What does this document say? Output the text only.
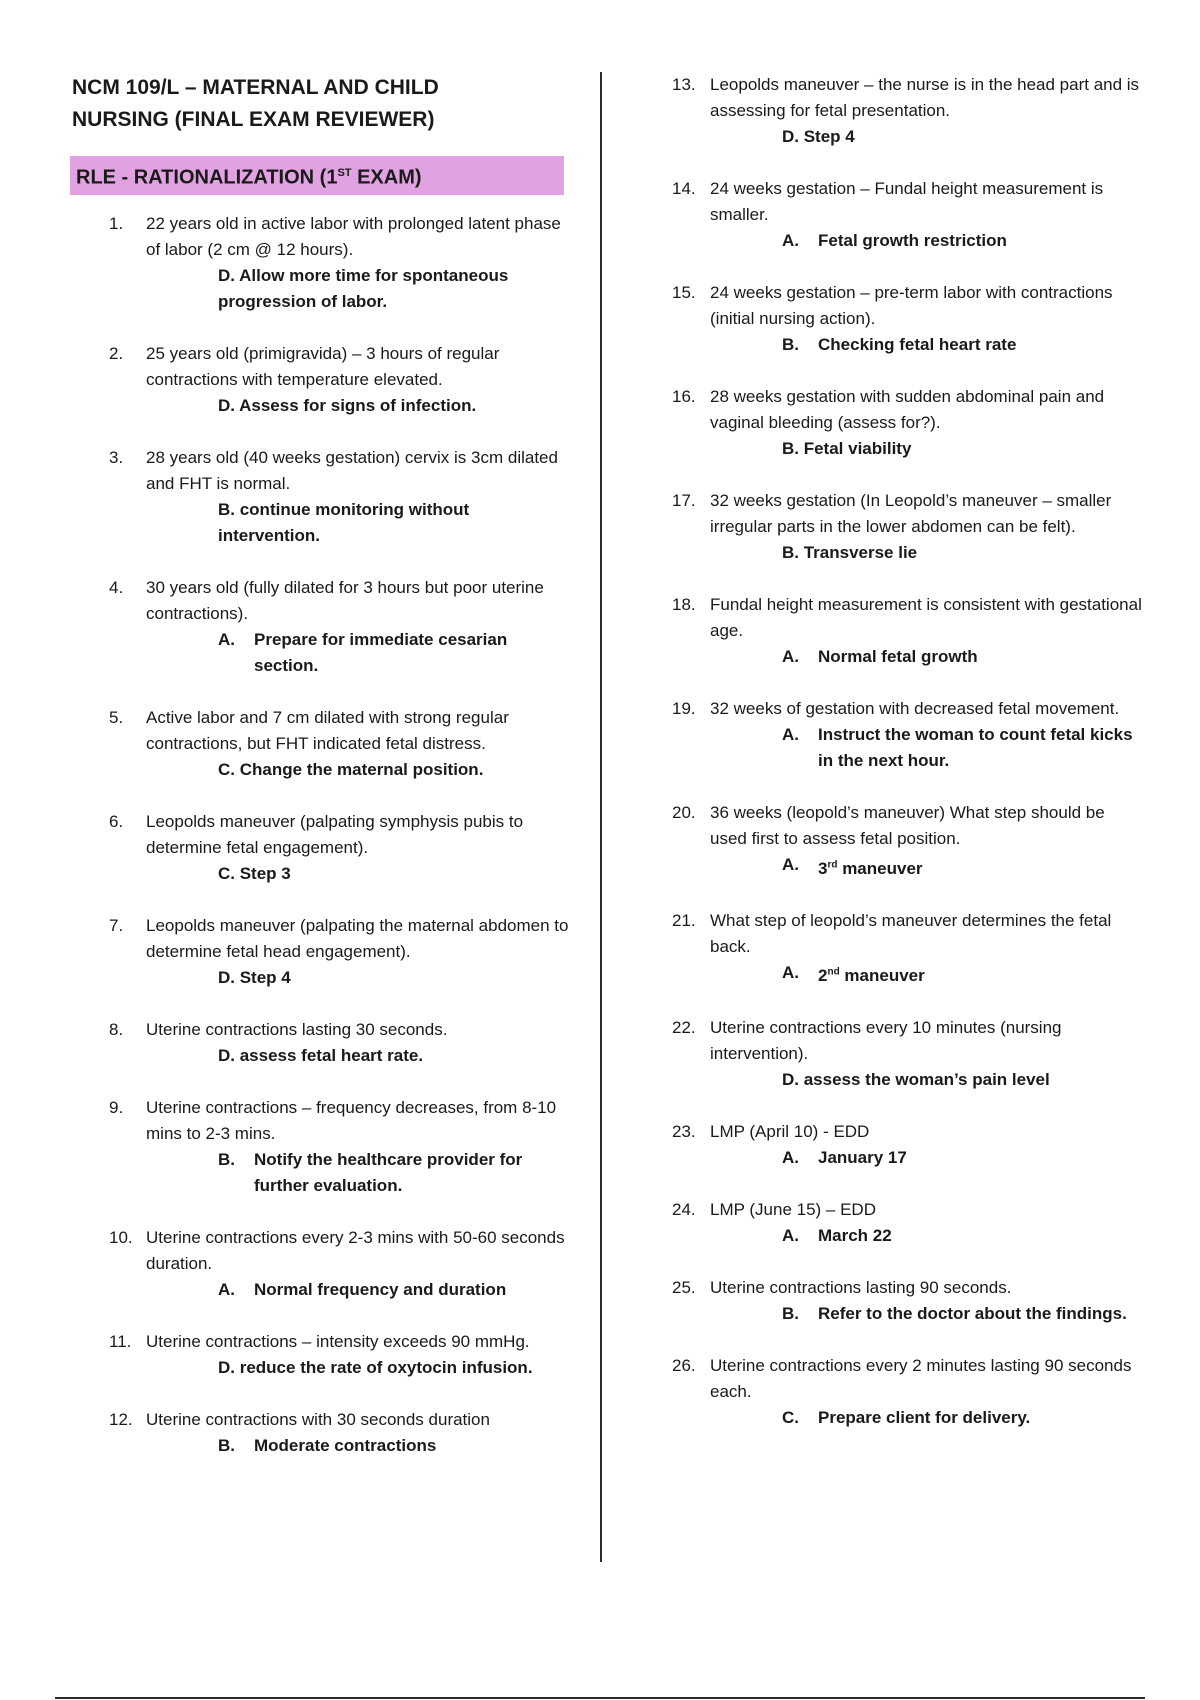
NCM 109/L – MATERNAL AND CHILD
NURSING (FINAL EXAM REVIEWER)
RLE - RATIONALIZATION (1ST EXAM)
1.	22 years old in active labor with prolonged latent phase of labor (2 cm @ 12 hours).
D. Allow more time for spontaneous progression of labor.
2.	25 years old (primigravida) – 3 hours of regular contractions with temperature elevated.
D. Assess for signs of infection.
3.	28 years old (40 weeks gestation) cervix is 3cm dilated and FHT is normal.
B. continue monitoring without intervention.
4.	30 years old (fully dilated for 3 hours but poor uterine contractions).
A.	Prepare for immediate cesarian section.
5.	Active labor and 7 cm dilated with strong regular contractions, but FHT indicated fetal distress.
C. Change the maternal position.
6.	Leopolds maneuver (palpating symphysis pubis to determine fetal engagement).
C. Step 3
7.	Leopolds maneuver (palpating the maternal abdomen to determine fetal head engagement).
D. Step 4
8.	Uterine contractions lasting 30 seconds.
D. assess fetal heart rate.
9.	Uterine contractions – frequency decreases, from 8-10 mins to 2-3 mins.
B.	Notify the healthcare provider for further evaluation.
10. Uterine contractions every 2-3 mins with 50-60 seconds duration.
A.	Normal frequency and duration
11. Uterine contractions – intensity exceeds 90 mmHg.
D. reduce the rate of oxytocin infusion.
12. Uterine contractions with 30 seconds duration
B.	Moderate contractions
13. Leopolds maneuver – the nurse is in the head part and is assessing for fetal presentation.
D. Step 4
14. 24 weeks gestation – Fundal height measurement is smaller.
A.	Fetal growth restriction
15. 24 weeks gestation – pre-term labor with contractions (initial nursing action).
B.	Checking fetal heart rate
16. 28 weeks gestation with sudden abdominal pain and vaginal bleeding (assess for?).
B. Fetal viability
17. 32 weeks gestation (In Leopold’s maneuver – smaller irregular parts in the lower abdomen can be felt).
B. Transverse lie
18. Fundal height measurement is consistent with gestational age.
A.	Normal fetal growth
19. 32 weeks of gestation with decreased fetal movement.
A.	Instruct the woman to count fetal kicks in the next hour.
20. 36 weeks (leopold’s maneuver) What step should be used first to assess fetal position.
A.	3rd maneuver
21. What step of leopold’s maneuver determines the fetal back.
A.	2nd maneuver
22. Uterine contractions every 10 minutes (nursing intervention).
D. assess the woman’s pain level
23. LMP (April 10) - EDD
A.	January 17
24. LMP (June 15) – EDD
A.	March 22
25. Uterine contractions lasting 90 seconds.
B.	Refer to the doctor about the findings.
26. Uterine contractions every 2 minutes lasting 90 seconds each.
C.	Prepare client for delivery.
